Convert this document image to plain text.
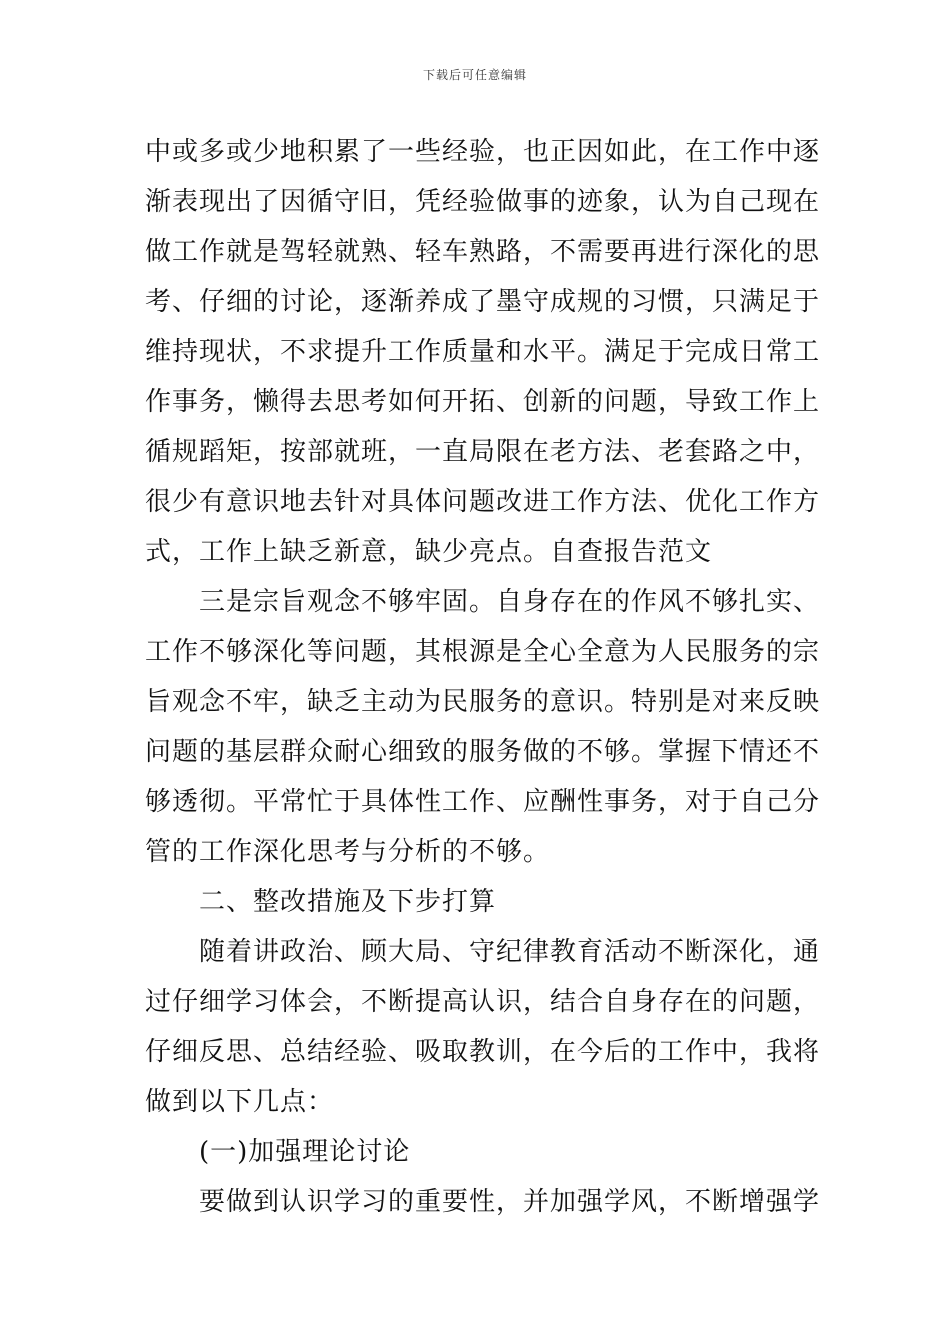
下载后可任意编辑
中或多或少地积累了一些经验，也正因如此，在工作中逐
渐表现出了因循守旧，凭经验做事的迹象，认为自己现在
做工作就是驾轻就熟、轻车熟路，不需要再进行深化的思
考、仔细的讨论，逐渐养成了墨守成规的习惯，只满足于
维持现状，不求提升工作质量和水平。满足于完成日常工
作事务，懒得去思考如何开拓、创新的问题，导致工作上
循规蹈矩，按部就班，一直局限在老方法、老套路之中，
很少有意识地去针对具体问题改进工作方法、优化工作方
式，工作上缺乏新意，缺少亮点。自查报告范文
　　三是宗旨观念不够牢固。自身存在的作风不够扎实、
工作不够深化等问题，其根源是全心全意为人民服务的宗
旨观念不牢，缺乏主动为民服务的意识。特别是对来反映
问题的基层群众耐心细致的服务做的不够。掌握下情还不
够透彻。平常忙于具体性工作、应酬性事务，对于自己分
管的工作深化思考与分析的不够。
　　二、整改措施及下步打算
　　随着讲政治、顾大局、守纪律教育活动不断深化，通
过仔细学习体会，不断提高认识，结合自身存在的问题，
仔细反思、总结经验、吸取教训，在今后的工作中，我将
做到以下几点：
　　(一)加强理论讨论
　　要做到认识学习的重要性，并加强学风，不断增强学
